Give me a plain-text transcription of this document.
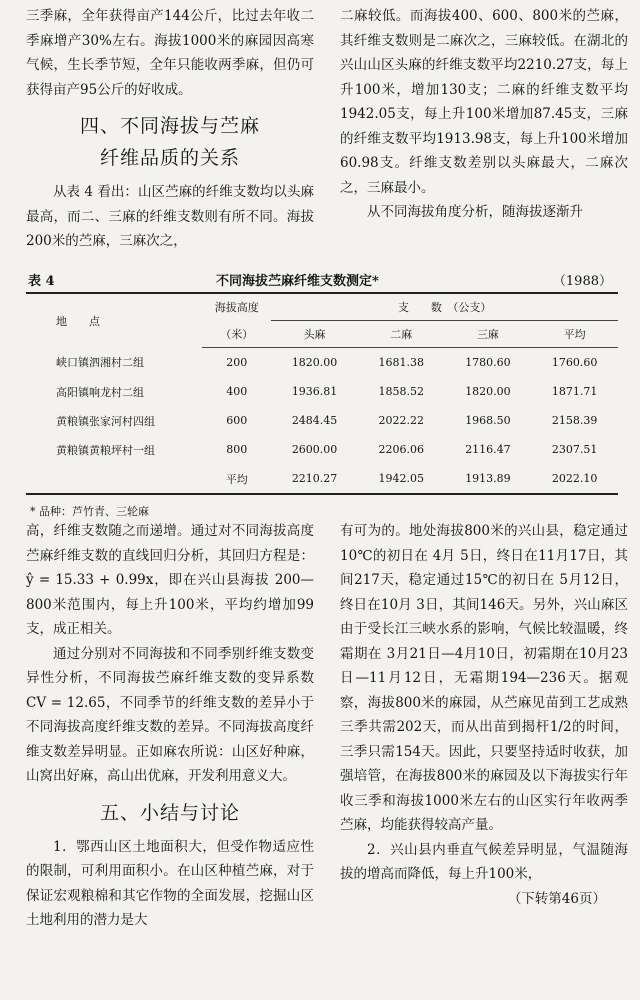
三季麻，全年获得亩产144公斤，比过去年收二季麻增产30%左右。海拔1000米的麻园因高寒气候，生长季节短，全年只能收两季麻，但仍可获得亩产95公斤的好收成。

四、不同海拔与苎麻
纤维品质的关系

从表 4 看出：山区苎麻的纤维支数均以头麻最高，而二、三麻的纤维支数则有所不同。海拔200米的苎麻，三麻次之，

二麻较低。而海拔400、600、800米的苎麻，其纤维支数则是二麻次之，三麻较低。在湖北的兴山山区头麻的纤维支数平均2210.27支，每上升100米，增加130支；二麻的纤维支数平均1942.05支，每上升100米增加87.45支，三麻的纤维支数平均1913.98支，每上升100米增加60.98支。纤维支数差别以头麻最大，二麻次之，三麻最小。

从不同海拔角度分析，随海拔逐渐升

表 4	不同海拔苎麻纤维支数测定*	（1988）

地　　点	海拔高度	支　　数　（公支）			
	（米）	头麻	二麻	三麻	平均
峡口镇泗湘村二组	200	1820.00	1681.38	1780.60	1760.60
高阳镇响龙村二组	400	1936.81	1858.52	1820.00	1871.71
黄粮镇张家河村四组	600	2484.45	2022.22	1968.50	2158.39
黄粮镇黄粮坪村一组	800	2600.00	2206.06	2116.47	2307.51
	平均	2210.27	1942.05	1913.89	2022.10
* 品种：芦竹青、三轮麻

高，纤维支数随之而递增。通过对不同海拔高度苎麻纤维支数的直线回归分析，其回归方程是：ŷ = 15.33 + 0.99x，即在兴山县海拔 200—800米范围内，每上升100米，平均约增加99支，成正相关。

通过分别对不同海拔和不同季别纤维支数变异性分析，不同海拔苎麻纤维支数的变异系数CV = 12.65，不同季节的纤维支数的差异小于不同海拔高度纤维支数的差异。不同海拔高度纤维支数差异明显。正如麻农所说：山区好种麻，山窝出好麻，高山出优麻，开发利用意义大。

五、小结与讨论

1．鄂西山区土地面积大，但受作物适应性的限制，可利用面积小。在山区种植苎麻，对于保证宏观粮棉和其它作物的全面发展，挖掘山区土地利用的潜力是大

有可为的。地处海拔800米的兴山县，稳定通过10℃的初日在 4月 5日，终日在11月17日，其间217天，稳定通过15℃的初日在 5月12日，终日在10月 3日，其间146天。另外，兴山麻区由于受长江三峡水系的影响，气候比较温暖，终霜期在 3月21日—4月10日，初霜期在10月23日—11月12日，无霜期194—236天。据观察，海拔800米的麻园，从苎麻见苗到工艺成熟三季共需202天，而从出苗到揭杆1/2的时间，三季只需154天。因此，只要坚持适时收获，加强培管，在海拔800米的麻园及以下海拔实行年收三季和海拔1000米左右的山区实行年收两季苎麻，均能获得较高产量。

2．兴山县内垂直气候差异明显，气温随海拔的增高而降低，每上升100米，

（下转第46页）
